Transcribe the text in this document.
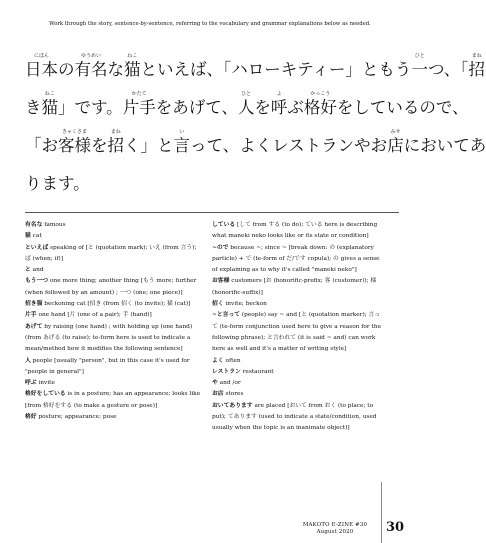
Work through the story, sentence-by-sentence, referring to the vocabulary and grammar explanations below as needed.
にほん
日本 の
ゆうめい
有名 な
ねこ
猫 といえば、「ハローキティー」ともう
ひと
一 つ、「
まね
招
き
ねこ
猫 」です。
かたて
片手 をあげて、
ひと
人 を
よ
呼 ぶ
かっこう
格好 をしているので、
「お
きゃくさま
客様 を
まね
招 く」と
い
言 って、よくレストランやお
みせ
店 においてあ
ります。
有名な famous
猫 cat
といえば speaking of [と (quotation mark); いえ (from 言う); ば (when; if)]
と and
もう一つ one more thing; another thing [もう more; further (when followed by an amount) ; 一つ (one; one piece)]
招き猫 beckoning cat [招き (from 招く (to invite); 猫 (cat)]
片手 one hand [片 (one of a pair); 手 (hand)]
あげて by raising (one hand) ; with holding up (one hand) (from あげる (to raise); te-form here is used to indicate a mean/method how it modifies the following sentence]
人 people [usually "person", but in this case it's used for "people in general"]
呼ぶ invite
格好をしている is in a posture; has an appearance; looks like [from 格好をする (to make a gesture or pose)]
格好 posture; appearance; pose
している [して from する (to do); ている here is describing what maneki neko looks like or its state or condition]
~ので because ~; since ~ [break down: の (explanatory particle) + で (te-form of だ/です copula); の gives a sense of explaining as to why it's called "maneki neko"]
お客様 customers [お (honorific-prefix; 客 (customer)); 様 (honorific-suffix)]
招く invite; beckon
~と言って (people) say ~ and [と (quotation marker); 言って (te-form conjunction used here to give a reason for the following phrase); と言われて (it is said ~ and) can work here as well and it's a matter of writing style]
よく often
レストラン restaurant
や and /or
お店 stores
おいてあります are placed [おいて from おく (to place; to put); てあります (used to indicate a state/condition, used usually when the topic is an inanimate object)]
MAKOTO E-ZINE #30
August 2020	30
